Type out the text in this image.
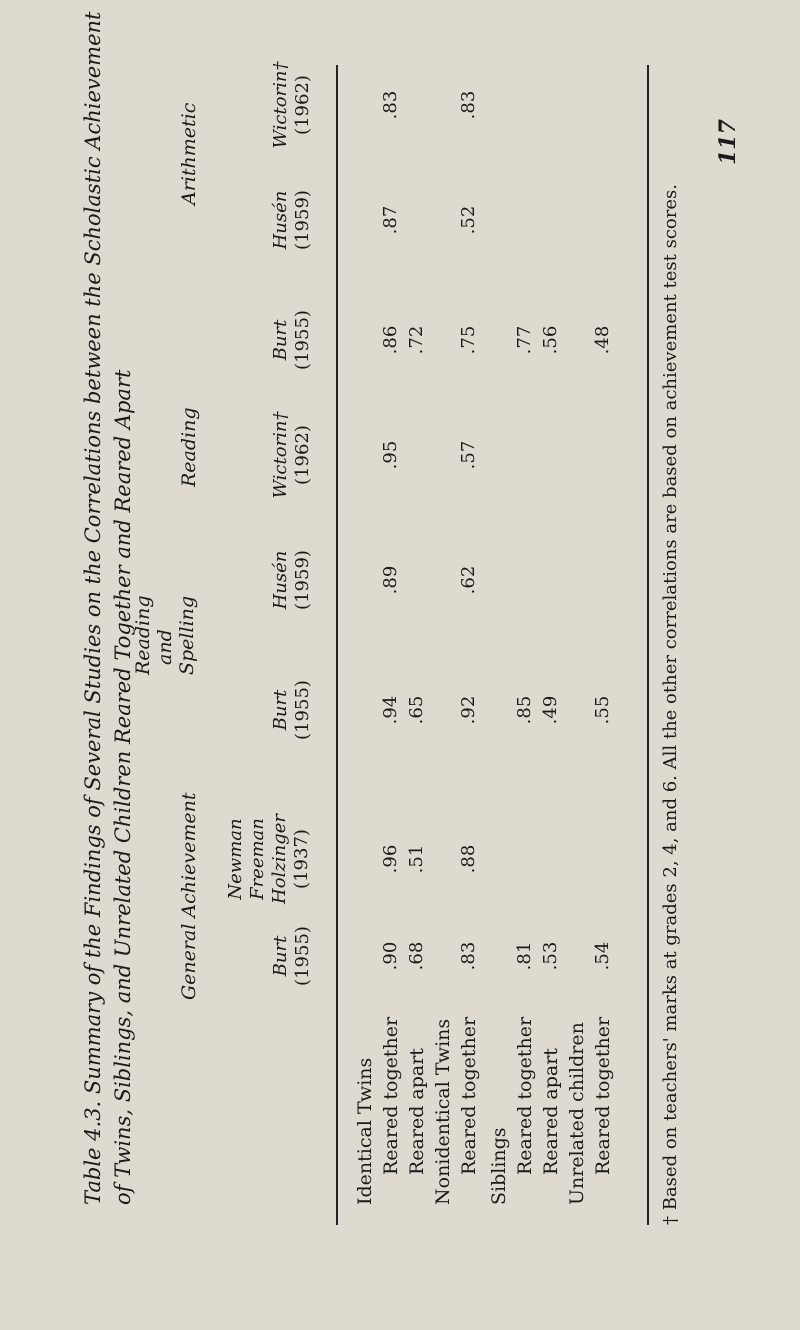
Table 4.3. Summary of the Findings of Several Studies on the Correlations between the Scholastic Achievement of Twins, Siblings, and Unrelated Children Reared Together and Reared Apart General Achievement
Reading and Spelling
Reading
Arithmetic
Burt (1955)
Newman Freeman Holzinger (1937)
Burt (1955)
Husén (1959)
Wictorin† (1962)
Burt (1955)
Husén (1959)
Wictorin† (1962)
Identical Twins Reared together Reared apart Nonidentical Twins Reared together Siblings Reared together Reared apart Unrelated children Reared together
.90
.96
.94
.89
.95
.86
.87
.83
.68
.51
.65
.72
.83
.88
.92
.62
.57
.75
.52
.83
.81
.85
.77
.53
.49
.56
.54
.55
.48	† Based on teachers' marks at grades 2, 4, and 6. All the other correlations are based on achievement test scores.
117
